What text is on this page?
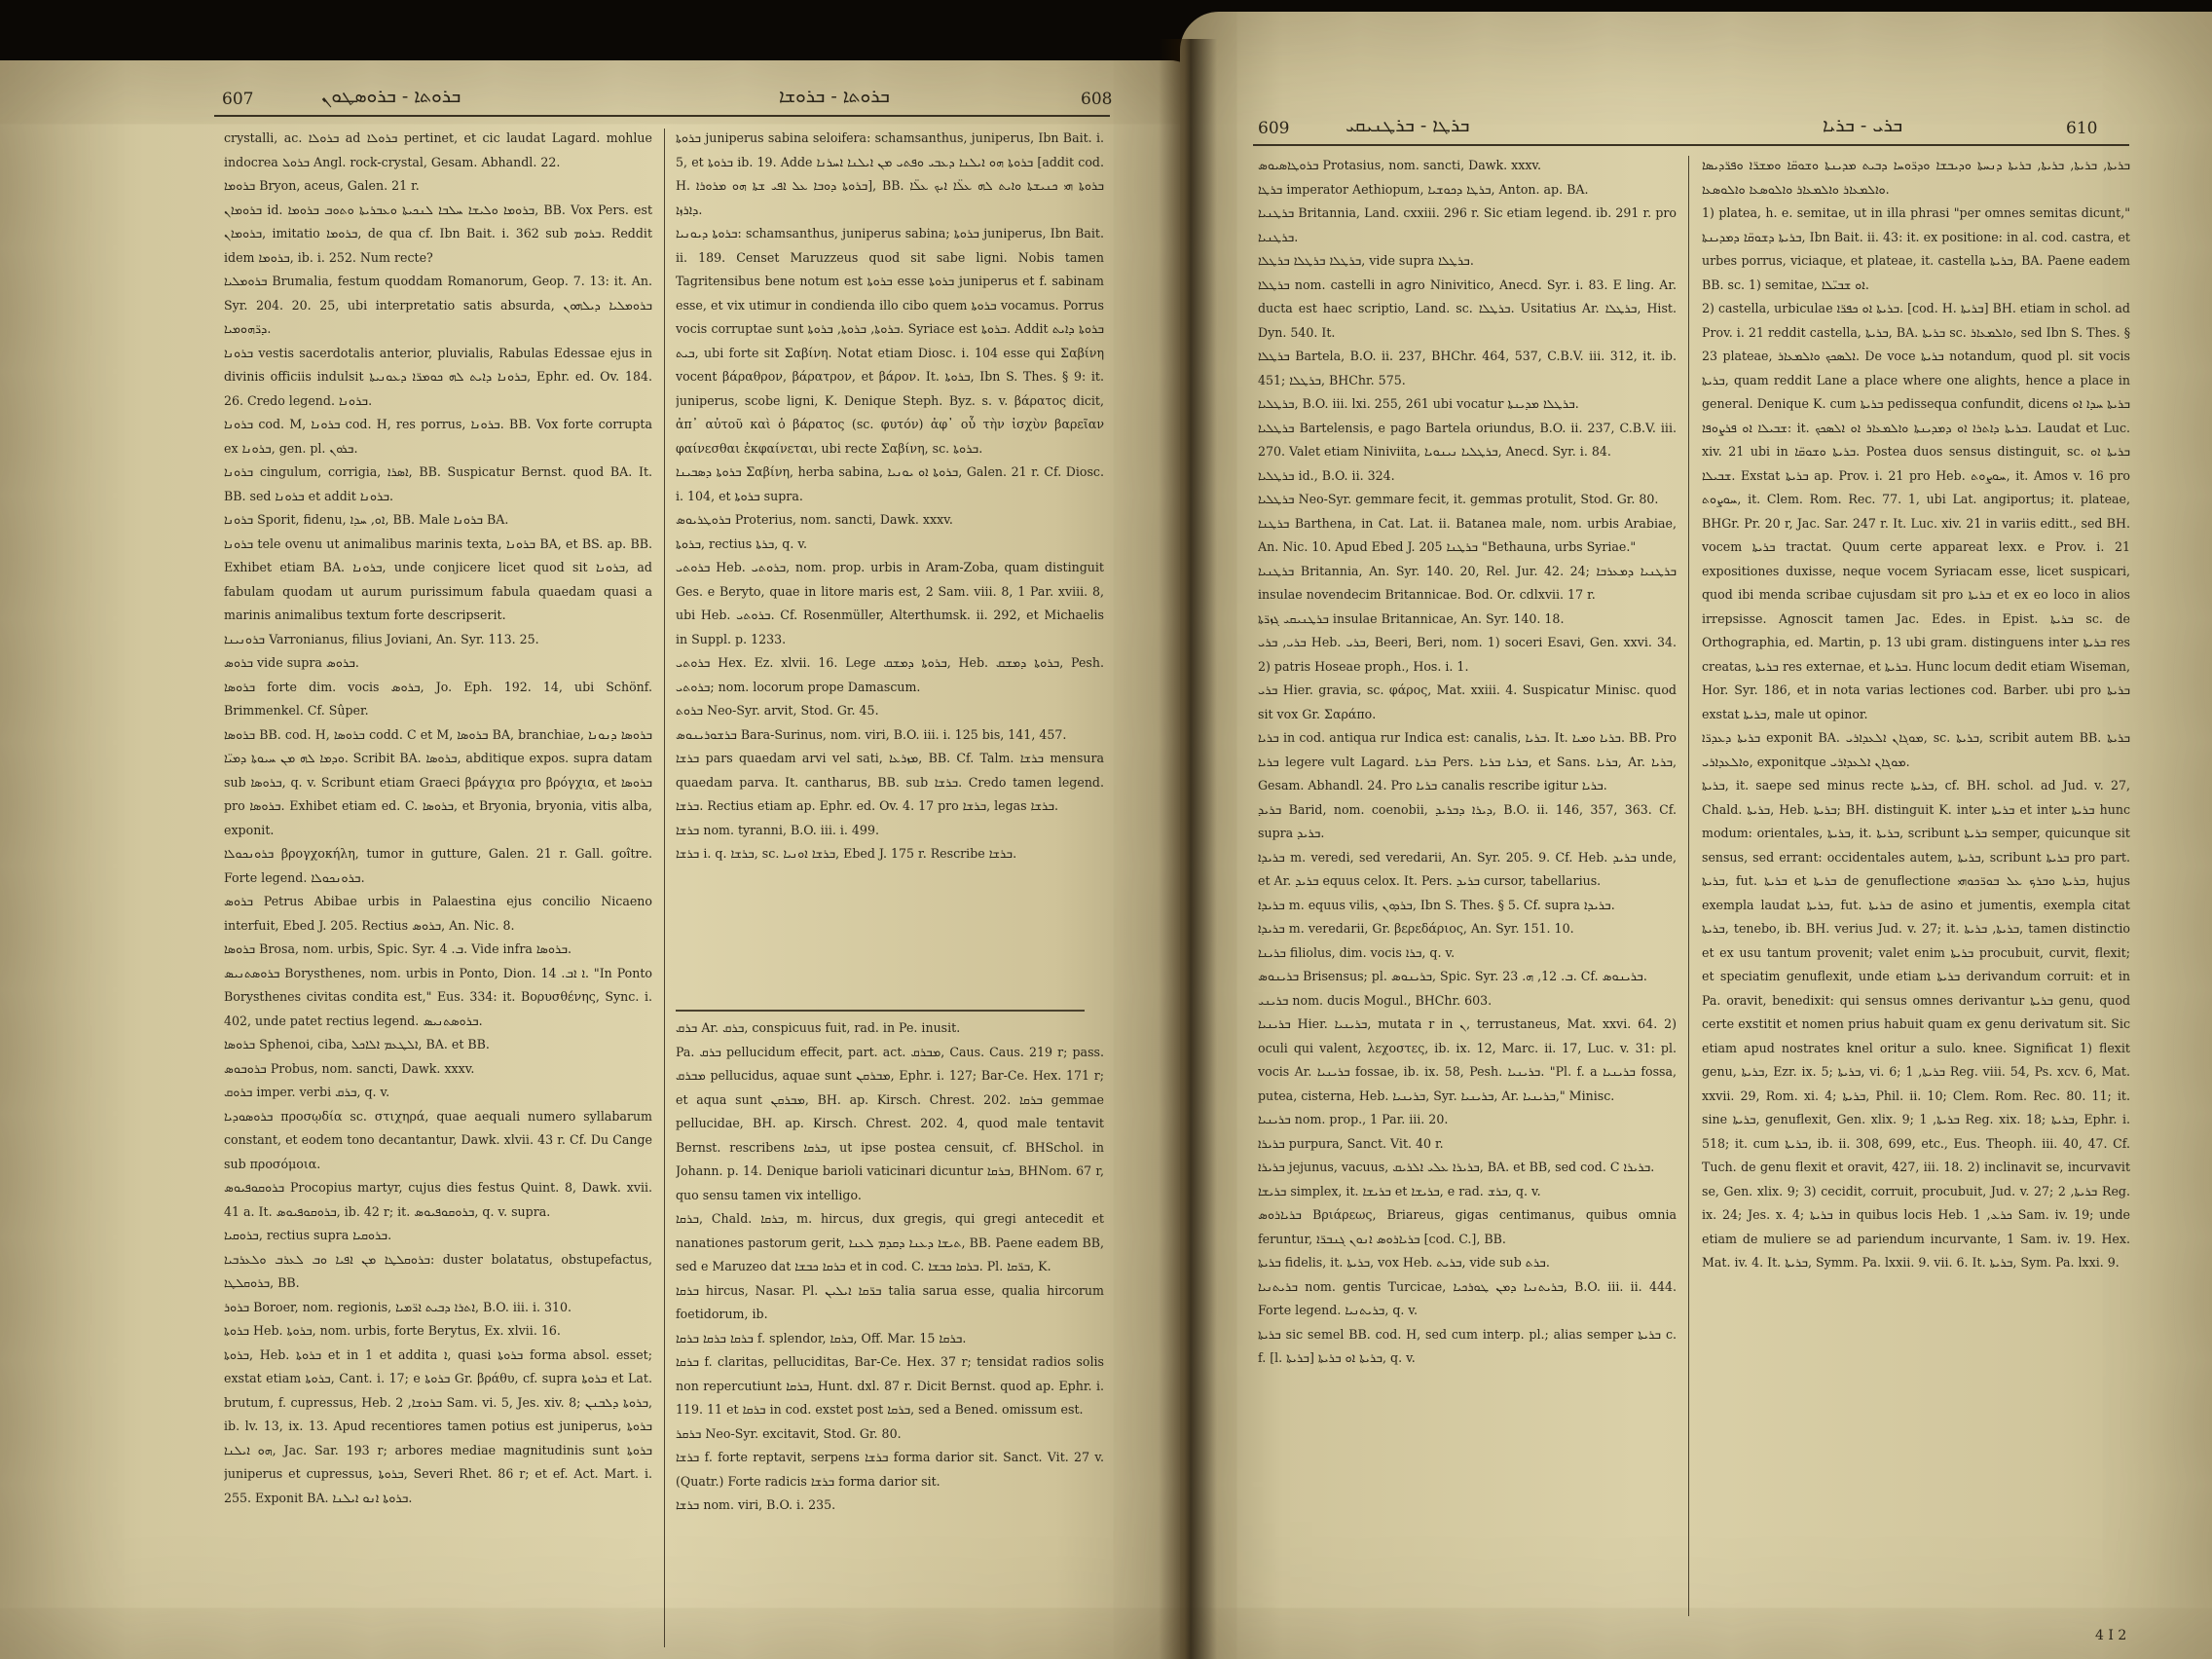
607	ܒܪܘܬܐ - ܒܪܘܣܛܘܢ	ܒܪܘܬܐ - ܒܪܘܫܐ	608

crystalli, ac. ܒܪܘܠܐ ad ܒܪܘܠܐ pertinet, et cic laudat Lagard. mohlue indocrea ܒܪܘܠ Angl. rock-crystal, Gesam. Abhandl. 22.

ܒܪܘܡܐ Bryon, aceus, Galen. 21 r.

ܒܪܘܡܐܢ id. ܒܪܘܡܐ ܘܠܝܫܐ ܚܠܒܐ ܠܢܟܝܬܐ ܘܥܒܪܝܬܐ ܘܬܘܒ ܒܪܘܡܐ, BB. Vox Pers. est ܒܪܘܡܐܢ, imitatio ܒܪܘܡܐ, de qua cf. Ibn Bait. i. 362 sub ܒܪܘܡ. Reddit idem ܒܪܘܡܐ, ib. i. 252. Num recte?

ܒܪܘܡܠܝܐ Brumalia, festum quoddam Romanorum, Geop. 7. 13: it. An. Syr. 204. 20. 25, ubi interpretatio satis absurda, ܒܪܘܡܠܝܐ ܕܝܠܗܘܢ ܕܪ̈ܗܘܡܝܐ.

ܒܪܘܢܐ vestis sacerdotalis anterior, pluvialis, Rabulas Edessae ejus in divinis officiis indulsit ܒܪܘܢܐ ܕܐܝܬ ܠܗ ܟܘܡܪ̈ܐ ܕܥܘܢܝܬܐ, Ephr. ed. Ov. 184. 26. Credo legend. ܒܪܘܢܐ.

ܒܪܘܢܐ cod. M, ܒܪܘܢܐ cod. H, res porrus, ܒܪܘܢܐ. BB. Vox forte corrupta ex ܒܪܘܢܐ, gen. pl. ܒܪܘܢ.

ܒܪܘܢܐ cingulum, corrigia, ܐܣܪܐ, BB. Suspicatur Bernst. quod BA. It. BB. sed ܒܪܘܢܐ et addit ܒܪܘܢܐ.

ܒܪܘܢܐ Sporit, fidenu, ܐܘ, ܚܕܐ, BB. Male ܒܪܘܢܐ BA.

ܒܪܘܢܐ tele ovenu ut animalibus marinis texta, ܒܪܘܢܐ BA, et BS. ap. BB. Exhibet etiam BA. ܒܪܘܢܐ, unde conjicere licet quod sit ܒܪܘܢܐ, ad fabulam quodam ut aurum purissimum fabula quaedam quasi a marinis animalibus textum forte descripserit.

ܒܪܘܢܝܢܐ Varronianus, filius Joviani, An. Syr. 113. 25.

ܒܪܘܣ vide supra ܒܪܘܣ.

ܒܪܘܣܐ forte dim. vocis ܒܪܘܣ, Jo. Eph. 192. 14, ubi Schönf. Brimmenkel. Cf. Sûper.

ܒܪܘܣܐ BB. cod. H, ܒܪܘܣܐ codd. C et M, ܒܪܘܣܐ BA, branchiae, ܒܪܘܣܐ ܕܢܘܢܐ ܘܕܡܐ ܠܗ ܡܢ ܚܝܘܬܐ ܕܡܝ̈ܐ. Scribit BA. ܒܪܘܣܐ, abditique expos. supra datam sub ܒܪܘܣܐ, q. v. Scribunt etiam Graeci βράγχια pro βρόγχια, et ܒܪܘܣܐ pro ܒܪܘܣܐ. Exhibet etiam ed. C. ܒܪܘܣܐ, et Bryonia, bryonia, vitis alba, exponit.

ܒܪܘܢܟܘܠܐ βρογχοκήλη, tumor in gutture, Galen. 21 r. Gall. goître. Forte legend. ܒܪܘܢܟܘܠܐ.

ܒܪܘܣ Petrus Abibae urbis in Palaestina ejus concilio Nicaeno interfuit, Ebed J. 205. Rectius ܒܪܘܣ, An. Nic. 8.

ܒܪܘܣܐ Brosa, nom. urbis, Spic. Syr. ܒ. 4. Vide infra ܒܪܘܣܐ.

ܒܪܘܣܬܢܝܣ Borysthenes, nom. urbis in Ponto, Dion. ܐ ܐܒ. 14. "In Ponto Borysthenes civitas condita est," Eus. 334: it. Βορυσθένης, Sync. i. 402, unde patet rectius legend. ܒܪܘܣܬܢܝܣ.

ܒܪܘܣܐ Sphenoi, ciba, ܐܠܛܥܡ ܐܠܐܟܠ, BA. et BB.

ܒܪܘܒܘܣ Probus, nom. sancti, Dawk. xxxv.

ܒܪܘܩ imper. verbi ܒܪܩ, q. v.

ܒܪܘܣܘܕܝܐ προσῳδία sc. στιχηρά, quae aequali numero syllabarum constant, et eodem tono decantantur, Dawk. xlvii. 43 r. Cf. Du Cange sub προσόμοια.

ܒܪܘܩܘܦܝܘܣ Procopius martyr, cujus dies festus Quint. 8, Dawk. xvii. 41 a. It. ܒܪܘܩܘܦܝܘܣ, ib. 42 r; it. ܒܪܘܩܘܦܝܘܣ, q. v. supra.

ܒܪܘܩܝܐ, rectius supra ܒܪܘܩܝܐ.

ܒܪܘܩܠܛܐ ܡܢ ܐܦܝܐ ܘܒ ܠܥܪܒ ܘܠܥܪܒܝܐ: duster bolatatus, obstupefactus, ܒܪܘܩܠܛܐ, BB.

ܒܪܘܪ Boroer, nom. regionis, ܐܬܪܐ ܕܒܝܬ ܐܪ̈ܡܝܐ, B.O. iii. i. 310.

ܒܪܘܬܐ Heb. ܒܪܘܬܐ, nom. urbis, forte Berytus, Ex. xlvii. 16.

ܒܪܘܬܐ, Heb. ܒܪܘܬܐ et in 1 et addita ܐ, quasi ܒܪܘܬܐ forma absol. esset; exstat etiam ܒܪܘܬܐ, Cant. i. 17; e ܒܪܘܬܐ Gr. βράθυ, cf. supra ܒܪܘܬܐ et Lat. brutum, f. cupressus, Heb. ܒܪܘܫܐ, 2 Sam. vi. 5, Jes. xiv. 8; ܒܪܘܬܐ ܕܠܒܢܢ, ib. lv. 13, ix. 13. Apud recentiores tamen potius est juniperus, ܒܪܘܬܐ ܗܘ ܐܝܠܢܐ, Jac. Sar. 193 r; arbores mediae magnitudinis sunt ܒܪܘܬܐ juniperus et cupressus, ܒܪܘܬܐ, Severi Rhet. 86 r; et ef. Act. Mart. i. 255. Exponit BA. ܒܪܘܬܐ ܐܢܘ ܐܝܠܢܐ.

ܒܪܘܬܐ juniperus sabina seloifera: schamsanthus, juniperus, Ibn Bait. i. 5, et ܒܪܘܬܐ ib. 19. Adde ܒܪܘܬܐ ܗܘ ܐܝܠܢܐ ܕܥܒܝ ܘܦܬܝ ܡܢ ܐܝܠܢܐ ܐܚܪܢܐ [addit cod. H. ܒܪܘܬܐ ܕܘܒܐ ܥܠ ܐܦܝ ܫܬܐ ܗܘ ܡܪܘܪܐ], BB. ܒܪܘܬܐ ܗܝ ܟܢܝܫܬܐ ܘܐܝܬ ܠܗ ܥܠ̈ܐ ܐܝܟ ܥܠ̈ܐ ܕܐܪܙܐ.

ܒܪܘܬܐ ܕܝܘܢܝܐ: schamsanthus, juniperus sabina; ܒܪܘܬܐ juniperus, Ibn Bait. ii. 189. Censet Maruzzeus quod sit sabe ligni. Nobis tamen Tagritensibus bene notum est ܒܪܘܬܐ esse ܒܪܘܬܐ juniperus et f. sabinam esse, et vix utimur in condienda illo cibo quem ܒܪܘܬܐ vocamus. Porrus vocis corruptae sunt ܒܪܘܬܐ, ܒܪܘܬܐ, ܒܪܘܬܐ. Syriace est ܒܪܘܬܐ. Addit ܒܪܘܬܐ ܕܐܝܬ ܒܝܬ, ubi forte sit Σαβίνη. Notat etiam Diosc. i. 104 esse qui Σαβίνη vocent βάραθρον, βάρατρον, et βάρον. It. ܒܪܘܬܐ, Ibn S. Thes. § 9: it. juniperus, scobe ligni, K. Denique Steph. Byz. s. v. βάρατος dicit, ἀπ᾽ αὐτοῦ καὶ ὁ βάρατος (sc. φυτόν) ἀφ᾽ οὗ τὴν ἰσχὺν βαρεῖαν φαίνεσθαι ἐκφαίνεται, ubi recte Σαβίνη, sc. ܒܪܘܬܐ.

ܒܪܘܬܐ ܕܣܒܝܢܐ Σαβίνη, herba sabina, ܒܪܘܬܐ ܐܘ ܝܘܢܝܐ, Galen. 21 r. Cf. Diosc. i. 104, et ܒܪܘܬܐ supra.

ܒܪܘܛܪܝܘܣ Proterius, nom. sancti, Dawk. xxxv.

ܒܪܘܬܐ, rectius ܒܪܬܐ, q. v.

ܒܪܘܬܝ Heb. ܒܪܘܬܝ, nom. prop. urbis in Aram-Zoba, quam distinguit Ges. e Beryto, quae in litore maris est, 2 Sam. viii. 8, 1 Par. xviii. 8, ubi Heb. ܒܪܘܬܝ. Cf. Rosenmüller, Alterthumsk. ii. 292, et Michaelis in Suppl. p. 1233.

ܒܪܘܬܝ Hex. Ez. xlvii. 16. Lege ܒܪܘܬܐ ܕܡܫܩ, Heb. ܒܪܘܬܐ ܕܡܫܩ, Pesh. ܒܪܘܬܝ; nom. locorum prope Damascum.

ܒܪܘܬ Neo-Syr. arvit, Stod. Gr. 45.

ܒܪܫܘܪܝܢܘܣ Bara-Surinus, nom. viri, B.O. iii. i. 125 bis, 141, 457.

ܒܪܫܐ pars quaedam arvi vel sati, ܡܙܪܥܐ, BB. Cf. Talm. ܒܪܫܐ mensura quaedam parva. It. cantharus, BB. sub ܒܪܫܐ. Credo tamen legend. ܒܪܫܐ. Rectius etiam ap. Ephr. ed. Ov. 4. 17 pro ܒܪܫܐ, legas ܒܪܫܐ.

ܒܪܫܐ nom. tyranni, B.O. iii. i. 499.

ܒܪܫܐ i. q. ܒܪܫܐ, sc. ܒܪܫܐ ܐܘܢܝܐ, Ebed J. 175 r. Rescribe ܒܪܫܐ.

ܒܪܩ Ar. ܒܪܩ, conspicuus fuit, rad. in Pe. inusit.

Pa. ܒܪܩ pellucidum effecit, part. act. ܡܒܪܩ, Caus. Caus. 219 r; pass. ܡܒܪܩ pellucidus, aquae sunt ܡܒܪܩܢ, Ephr. i. 127; Bar-Ce. Hex. 171 r; et aqua sunt ܡܒܪܩܢ, BH. ap. Kirsch. Chrest. 202. ܒܪܩܐ gemmae pellucidae, BH. ap. Kirsch. Chrest. 202. 4, quod male tentavit Bernst. rescribens ܒܪܩܐ, ut ipse postea censuit, cf. BHSchol. in Johann. p. 14. Denique barioli vaticinari dicuntur ܒܪܩܐ, BHNom. 67 r, quo sensu tamen vix intelligo.

ܒܪܩܐ, Chald. ܒܪܩܐ, m. hircus, dux gregis, qui gregi antecedit et nanationes pastorum gerit, ܬܝܫܐ ܕܥܢܐ ܕܩܕܡ ܠܥܢܐ, BB. Paene eadem BB, sed e Maruzeo dat ܒܪܩܐ ܟܒܫܐ et in cod. C. ܒܪܩܐ ܟܒܫܐ. Pl. ܒܪ̈ܩܐ, K.

ܒܪܩܐ hircus, Nasar. Pl. ܒܪ̈ܩܐ ܐܝܠܝܢ talia sarua esse, qualia hircorum foetidorum, ib.

ܒܪܩܐ ܒܪܩܐ ܒܪܩܐ f. splendor, ܒܪܩܐ, Off. Mar. ܒܪܩܐ 15.

ܒܪܩܐ f. claritas, pelluciditas, Bar-Ce. Hex. 37 r; tensidat radios solis non repercutiunt ܒܪܩܐ, Hunt. dxl. 87 r. Dicit Bernst. quod ap. Ephr. i. 119. 11 et ܒܪܩܐ in cod. exstet post ܒܪܩܐ, sed a Bened. omissum est.

ܒܪܩܪ Neo-Syr. excitavit, Stod. Gr. 80.

ܒܪܫܐ f. forte reptavit, serpens ܒܪܫܐ forma darior sit. Sanct. Vit. 27 v. (Quatr.) Forte radicis ܒܪܫܐ forma darior sit.

ܒܪܫܐ nom. viri, B.O. i. 235.

609	ܒܪܛܐ - ܒܪܛܢܝܩܝ	ܒܪܝ - ܒܪܝܐ	610

ܒܪܘܛܐܣܝܘܣ Protasius, nom. sancti, Dawk. xxxv.

ܒܪܛܐ imperator Aethiopum, ܒܪܛܐ ܕܟܘܫܝܐ, Anton. ap. BA.

ܒܪܛܢܝܐ Britannia, Land. cxxiii. 296 r. Sic etiam legend. ib. 291 r. pro ܒܪܛܢܝܐ.

ܒܪܛܠܐ ܒܪܛܠܐ ܒܪܛܠܐ, vide supra ܒܪܛܠܐ.

ܒܪܛܠܐ nom. castelli in agro Ninivitico, Anecd. Syr. i. 83. E ling. Ar. ducta est haec scriptio, Land. sc. ܒܪܛܠܐ. Usitatius Ar. ܒܪܛܠܐ, Hist. Dyn. 540. It.

ܒܪܛܠܐ Bartela, B.O. ii. 237, BHChr. 464, 537, C.B.V. iii. 312, it. ib. 451; ܒܪܛܠܐ, BHChr. 575.

ܒܪܛܠܝܐ, B.O. iii. lxi. 255, 261 ubi vocatur ܒܪܛܠܐ ܡܕܝܢܬܐ.

ܒܪܛܠܝܐ Bartelensis, e pago Bartela oriundus, B.O. ii. 237, C.B.V. iii. 270. Valet etiam Niniviita, ܒܪܛܠܝܐ ܢܝܢܘܝܐ, Anecd. Syr. i. 84.

ܒܪܛܠܝܐ id., B.O. ii. 324.

ܒܪܛܠܝܐ Neo-Syr. gemmare fecit, it. gemmas protulit, Stod. Gr. 80.

ܒܪܛܢܐ Barthena, in Cat. Lat. ii. Batanea male, nom. urbis Arabiae, An. Nic. 10. Apud Ebed J. 205 ܒܪܛܢܐ "Bethauna, urbs Syriae."

ܒܪܛܢܝܐ Britannia, An. Syr. 140. 20, Rel. Jur. 42. 24; ܒܪܛܢܝܐ ܕܡܥܪܒܐ insulae novendecim Britannicae. Bod. Or. cdlxvii. 17 r.

ܒܪܛܢܝܩܝ ܓܙܪ̈ܬܐ insulae Britannicae, An. Syr. 140. 18.

ܒܪܝ, ܒܪܝ Heb. ܒܪܝ, Beeri, Beri, nom. 1) soceri Esavi, Gen. xxvi. 34. 2) patris Hoseae proph., Hos. i. 1.

ܒܪܝ Hier. gravia, sc. φάρος, Mat. xxiii. 4. Suspicatur Minisc. quod sit vox Gr. Σαράπο.

ܒܪܝܐ in cod. antiqua rur Indica est: canalis, ܒܪܝܐ. It. ܒܪܝܐ ܘܡܝܐ. BB. Pro ܒܪܝܐ legere vult Lagard. ܒܪܝܐ Pers. ܒܪܝܐ ܒܪܝܐ, et Sans. ܒܪܝܐ, Ar. ܒܪܝܐ, Gesam. Abhandl. 24. Pro ܒܪܝܐ canalis rescribe igitur ܒܪܝܐ.

ܒܪܝܕ Barid, nom. coenobii, ܕܝܪܐ ܕܒܪܝܕ, B.O. ii. 146, 357, 363. Cf. supra ܒܪܝܕ.

ܒܪܝܕܐ m. veredi, sed veredarii, An. Syr. 205. 9. Cf. Heb. ܒܪܝܕ unde, et Ar. ܒܪܝܕ equus celox. It. Pers. ܒܪܝܕ cursor, tabellarius.

ܒܪܝܕܐ m. equus vilis, ܒܪܕܘܢ, Ibn S. Thes. § 5. Cf. supra ܒܪܝܕܐ.

ܒܪܝܕܐ m. veredarii, Gr. βερεδάριος, An. Syr. 151. 10.

ܒܪܝܢܐ filiolus, dim. vocis ܒܪܐ, q. v.

ܒܪܝܢܘܣ Brisensus; pl. ܒܪܝܢܘܣ, Spic. Syr. ܒ. 12, ܗ. 23. Cf. ܒܪܝܢܘܣ.

ܒܪܝܢܝ nom. ducis Mogul., BHChr. 603.

ܒܪܝܢܝܐ Hier. ܒܪܝܢܝܐ, mutata r in ܢ, terrustaneus, Mat. xxvi. 64. 2) oculi qui valent, λεχοστες, ib. ix. 12, Marc. ii. 17, Luc. v. 31: pl. vocis Ar. ܒܪܝܢܝܐ fossae, ib. ix. 58, Pesh. ܒܪܝܢܝܐ. "Pl. f. a ܒܪܝܢܝܐ fossa, putea, cisterna, Heb. ܒܪܝܢܝܐ, Syr. ܒܪܝܢܝܐ, Ar. ܒܪܝܢܝܐ," Minisc.

ܒܪܝܢܝܐ nom. prop., 1 Par. iii. 20.

ܒܪܝܪܐ purpura, Sanct. Vit. 40 r.

ܒܪܝܪܐ jejunus, vacuus, ܒܪܝܪܐ ܥܠܝ ܐܠܪܝܩ, BA. et BB, sed cod. C ܒܪܝܪܐ.

ܒܪܝܫܐ simplex, it. ܒܪܝܫܐ et ܒܪܝܫܐ, e rad. ܒܪܫ, q. v.

ܒܪܝܐܪܘܣ Βριάρεως, Briareus, gigas centimanus, quibus omnia feruntur, ܒܪܝܐܪܘܣ ܐܢܘܢ ܓܢܒܪ̈ܐ [cod. C.], BB.

ܒܪܝܬܐ fidelis, it. ܒܪܝܬܐ, vox Heb. ܒܪܝܬ, vide sub ܒܪܬ.

ܒܪܝܬܢܝܐ nom. gentis Turcicae, ܒܪܝܬܢܝܐ ܕܡܢ ܛܘܪܟܝܐ, B.O. iii. ii. 444. Forte legend. ܒܪܝܬܢܝܐ, q. v.

ܒܪܝܬܐ sic semel BB. cod. H, sed cum interp. pl.; alias semper ܒܪܝܬܐ c. f. [l. ܒܪܝܬܐ] ܒܪܝܬܐ ܐܘ ܒܪܝܬܐ, q. v.

ܒܪܝܬܐ, ܒܪܝܬܐ, ܒܪܝܬܐ, ܒܪܝܬܐ ܕܢܚܬܐ ܘܕܝܒܫܐ ܘܕܪ̈ܘܚܐ ܕܒܝܬ ܡܕܝܢܬܐ ܘܫܘܩ̈ܐ ܘܡܫܪ̈ܐ ܘܦܪ̈ܕܝܣܐ ܘܐܠܡܥܐܪ ܘܐܠܡܥܐܪ ܘܐܠܘܣܥܐ ܘܐܠܘܣܥܐ.

1) platea, h. e. semitae, ut in illa phrasi "per omnes semitas dicunt," ܒܪܝܬܐ ܕܫܘܩ̈ܐ ܕܡܕܝܢܬܐ, Ibn Bait. ii. 43: it. ex positione: in al. cod. castra, et urbes porrus, viciaque, et plateae, it. castella ܒܪܝܬܐ, BA. Paene eadem BB. sc. 1) semitae, ܐܘ ܫܒܝ̈ܠܐ.

2) castella, urbiculae ܒܪܝܬܐ ܐܘ ܟܦܪ̈ܐ. [cod. H. ܒܪܝܬܐ] BH. etiam in schol. ad Prov. i. 21 reddit castella, ܒܪܝܬܐ, BA. ܒܪܝܬܐ sc. ܘܐܠܡܥܐܪ, sed Ibn S. Thes. § 23 plateae, ܐܠܣܟܟ ܘܐܠܡܥܐܪ. De voce ܒܪܝܬܐ notandum, quod pl. sit vocis ܒܪܝܬܐ, quam reddit Lane a place where one alights, hence a place in general. Denique K. cum ܒܪܝܬܐ pedissequa confundit, dicens ܒܪܝܬܐ ܚܕܐ ܐܘ ܫܒܝܠܐ ܐܘ ܦܪܨܘܦܐ: it. ܒܪܝܬܐ ܕܐܬܪܐ ܐܘ ܕܡܕܝܢܬܐ ܘܐܠܡܥܐܪ ܐܘ ܐܠܣܟܟ. Laudat et Luc. xiv. 21 ubi in ܒܪܝܬܐ ܘܫܘܩ̈ܐ. Postea duos sensus distinguit, sc. ܒܪܝܬܐ ܐܘ ܫܒܝܠܐ. Exstat ܒܪܝܬܐ ap. Prov. i. 21 pro Heb. ܚܘܨܘܬ, it. Amos v. 16 pro ܚܘܨܘܬ, it. Clem. Rom. Rec. 77. 1, ubi Lat. angiportus; it. plateae, BHGr. Pr. 20 r, Jac. Sar. 247 r. It. Luc. xiv. 21 in variis editt., sed BH. vocem ܒܪܝܬܐ tractat. Quum certe appareat lexx. e Prov. i. 21 expositiones duxisse, neque vocem Syriacam esse, licet suspicari, quod ibi menda scribae cujusdam sit pro ܒܪܝܬܐ et ex eo loco in alios irrepsisse. Agnoscit tamen Jac. Edes. in Epist. ܒܪܝܬܐ sc. de Orthographia, ed. Martin, p. 13 ubi gram. distinguens inter ܒܪܝܬܐ res creatas, ܒܪܝܬܐ res externae, et ܒܪܝܬܐ. Hunc locum dedit etiam Wiseman, Hor. Syr. 186, et in nota varias lectiones cod. Barber. ubi pro ܒܪܝܬܐ exstat ܒܪܝܬܐ, male ut opinor.

ܒܪܝܬܐ ܕܥܕܪ̈ܐ exponit BA. ܡܘܓܐܢ ܐܠܥܕܐܪܝ, sc. ܒܪܝܬܐ, scribit autem BB. ܒܪܝܬܐ ܘܐܠܥܕܐܪܝ, exponitque ܡܘܓܐܢ ܐܠܥܕܐܪܝ.

ܒܪܝܬܐ, it. saepe sed minus recte ܒܪܝܬܐ, cf. BH. schol. ad Jud. v. 27, Chald. ܒܪܝܬܐ, Heb. ܒܪܝܬܐ; BH. distinguit K. inter ܒܪܝܬܐ et inter ܒܪܝܬܐ hunc modum: orientales, ܒܪܝܬܐ, it. ܒܪܝܬܐ, scribunt ܒܪܝܬܐ semper, quicunque sit sensus, sed errant: occidentales autem, ܒܪܝܬܐ, scribunt ܒܪܝܬܐ pro part. ܒܪܝܬܐ, fut. ܒܪܝܬܐ et ܒܪܝܬܐ de genuflectione ܒܪܝܬܐ ܘܒܪܟ ܥܠ ܒܘܪ̈ܟܘܗܝ, hujus exempla laudat ܒܪܝܬܐ, fut. ܒܪܝܬܐ de asino et jumentis, exempla citat ܒܪܝܬܐ, tenebo, ib. BH. verius Jud. v. 27; it. ܒܪܝܬܐ, ܒܪܝܬܐ, tamen distinctio et ex usu tantum provenit; valet enim ܒܪܝܬܐ procubuit, curvit, flexit; et speciatim genuflexit, unde etiam ܒܪܝܬܐ derivandum corruit: et in Pa. oravit, benedixit: qui sensus omnes derivantur ܒܪܝܬܐ genu, quod certe exstitit et nomen prius habuit quam ex genu derivatum sit. Sic etiam apud nostrates knel oritur a sulo. knee. Significat 1) flexit genu, ܒܪܝܬܐ, Ezr. ix. 5; ܒܪܝܬܐ, vi. 6; ܒܪܝܬܐ, 1 Reg. viii. 54, Ps. xcv. 6, Mat. xxvii. 29, Rom. xi. 4; ܒܪܝܬܐ, Phil. ii. 10; Clem. Rom. Rec. 80. 11; it. sine ܒܪܝܬܐ, genuflexit, Gen. xlix. 9; ܒܪܝܬܐ, 1 Reg. xix. 18; ܒܪܝܬܐ, Ephr. i. 518; it. cum ܒܪܝܬܐ, ib. ii. 308, 699, etc., Eus. Theoph. iii. 40, 47. Cf. Tuch. de genu flexit et oravit, 427, iii. 18. 2) inclinavit se, incurvavit se, Gen. xlix. 9; 3) cecidit, corruit, procubuit, Jud. v. 27; ܒܪܝܬܐ, 2 Reg. ix. 24; Jes. x. 4; ܒܪܝܬܐ in quibus locis Heb. ܟܪܥ, 1 Sam. iv. 19; unde etiam de muliere se ad pariendum incurvante, 1 Sam. iv. 19. Hex. Mat. iv. 4. It. ܒܪܝܬܐ, Symm. Pa. lxxii. 9. vii. 6. It. ܒܪܝܬܐ, Sym. Pa. lxxi. 9.

4 I 2
